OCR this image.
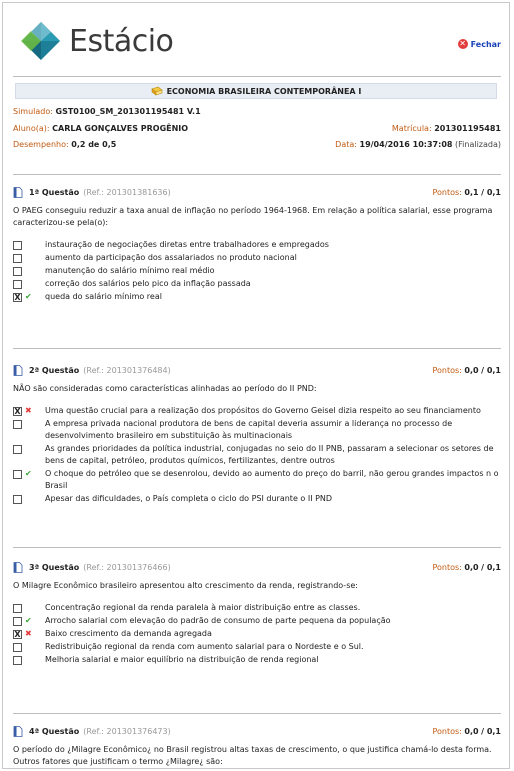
Estácio	✕ Fechar
ECONOMIA BRASILEIRA CONTEMPORÂNEA I
Simulado: GST0100_SM_201301195481 V.1
Aluno(a): CARLA GONÇALVES PROGÊNIO	Matrícula: 201301195481
Desempenho: 0,2 de 0,5	Data: 19/04/2016 10:37:08 (Finalizada)
1ª Questão (Ref.: 201301381636)	Pontos: 0,1 / 0,1
O PAEG conseguiu reduzir a taxa anual de inflação no período 1964-1968. Em relação a política salarial, esse programa caracterizou-se pela(o):
instauração de negociações diretas entre trabalhadores e empregados
aumento da participação dos assalariados no produto nacional
manutenção do salário mínimo real médio
correção dos salários pelo pico da inflação passada
X ✔ queda do salário mínimo real
2ª Questão (Ref.: 201301376484)	Pontos: 0,0 / 0,1
NÃO são consideradas como características alinhadas ao período do II PND:
X ✖ Uma questão crucial para a realização dos propósitos do Governo Geisel dizia respeito ao seu financiamento
A empresa privada nacional produtora de bens de capital deveria assumir a liderança no processo de desenvolvimento brasileiro em substituição às multinacionais
As grandes prioridades da política industrial, conjugadas no seio do II PNB, passaram a selecionar os setores de bens de capital, petróleo, produtos químicos, fertilizantes, dentre outros
✔ O choque do petróleo que se desenrolou, devido ao aumento do preço do barril, não gerou grandes impactos n o Brasil
Apesar das dificuldades, o País completa o ciclo do PSI durante o II PND
3ª Questão (Ref.: 201301376466)	Pontos: 0,0 / 0,1
O Milagre Econômico brasileiro apresentou alto crescimento da renda, registrando-se:
Concentração regional da renda paralela à maior distribuição entre as classes.
✔ Arrocho salarial com elevação do padrão de consumo de parte pequena da população
X ✖ Baixo crescimento da demanda agregada
Redistribuição regional da renda com aumento salarial para o Nordeste e o Sul.
Melhoria salarial e maior equilíbrio na distribuição de renda regional
4ª Questão (Ref.: 201301376473)	Pontos: 0,0 / 0,1
O período do ¿Milagre Econômico¿ no Brasil registrou altas taxas de crescimento, o que justifica chamá-lo desta forma. Outros fatores que justificam o termo ¿Milagre¿ são:
